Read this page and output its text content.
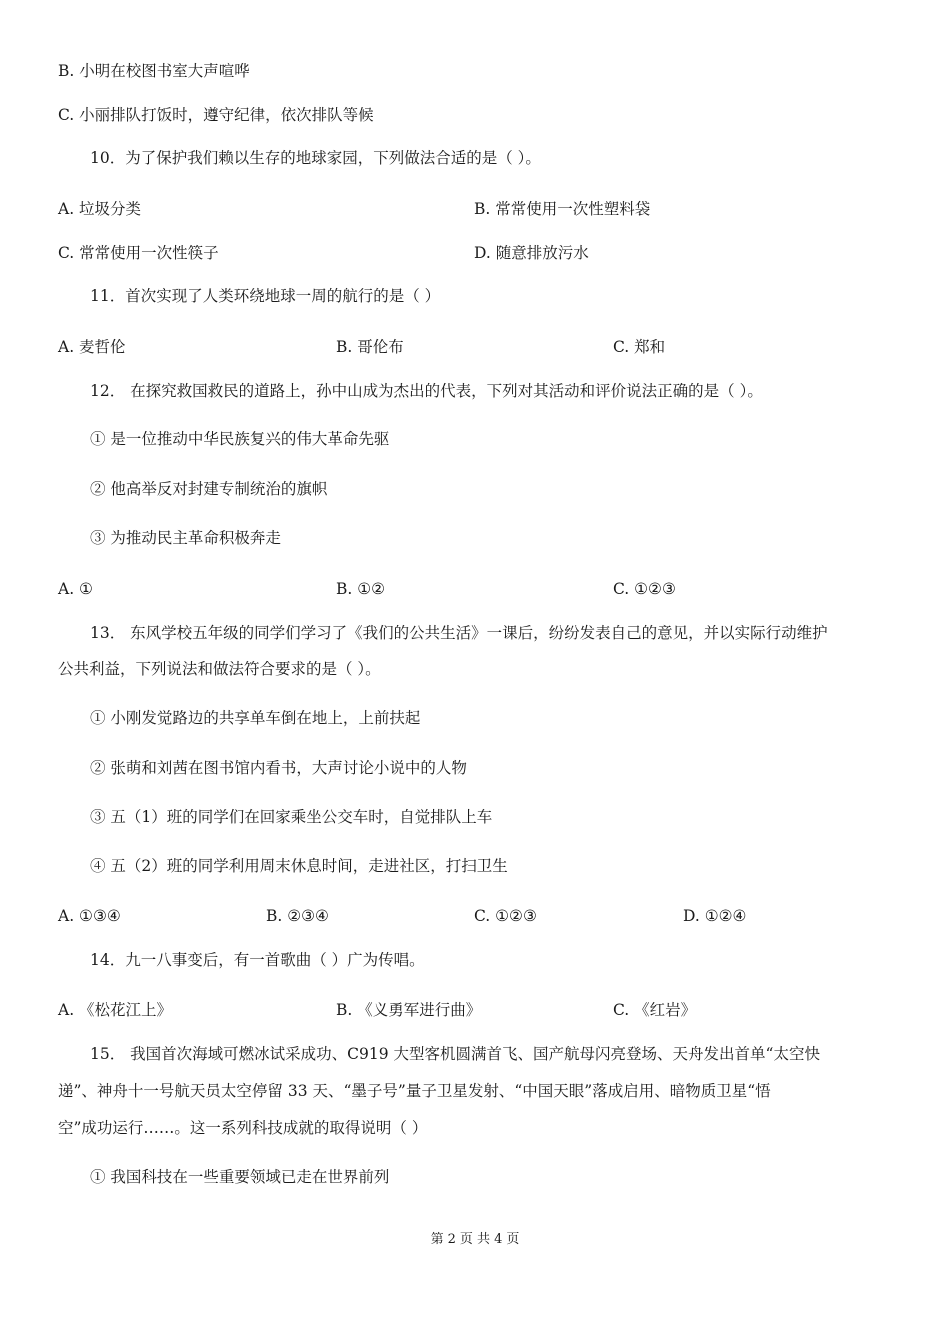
B. 小明在校图书室大声喧哗
C. 小丽排队打饭时，遵守纪律，依次排队等候
10．为了保护我们赖以生存的地球家园，下列做法合适的是（ ）。
A. 垃圾分类	B. 常常使用一次性塑料袋
C. 常常使用一次性筷子	D. 随意排放污水
11．首次实现了人类环绕地球一周的航行的是（ ）
A. 麦哲伦	B. 哥伦布	C. 郑和
12． 在探究救国救民的道路上，孙中山成为杰出的代表，下列对其活动和评价说法正确的是（ ）。
① 是一位推动中华民族复兴的伟大革命先驱
② 他高举反对封建专制统治的旗帜
③ 为推动民主革命积极奔走
A. ①	B. ①②	C. ①②③
13． 东风学校五年级的同学们学习了《我们的公共生活》一课后，纷纷发表自己的意见，并以实际行动维护
公共利益，下列说法和做法符合要求的是（ ）。
① 小刚发觉路边的共享单车倒在地上，上前扶起
② 张萌和刘茜在图书馆内看书，大声讨论小说中的人物
③ 五（1）班的同学们在回家乘坐公交车时，自觉排队上车
④ 五（2）班的同学利用周末休息时间，走进社区，打扫卫生
A. ①③④	B. ②③④	C. ①②③	D. ①②④
14．九一八事变后，有一首歌曲（ ）广为传唱。
A. 《松花江上》	B. 《义勇军进行曲》	C. 《红岩》
15． 我国首次海域可燃冰试采成功、C919 大型客机圆满首飞、国产航母闪亮登场、天舟发出首单“太空快
递”、神舟十一号航天员太空停留 33 天、“墨子号”量子卫星发射、“中国天眼”落成启用、暗物质卫星“悟
空”成功运行……。这一系列科技成就的取得说明（ ）
① 我国科技在一些重要领域已走在世界前列
第 2 页 共 4 页
